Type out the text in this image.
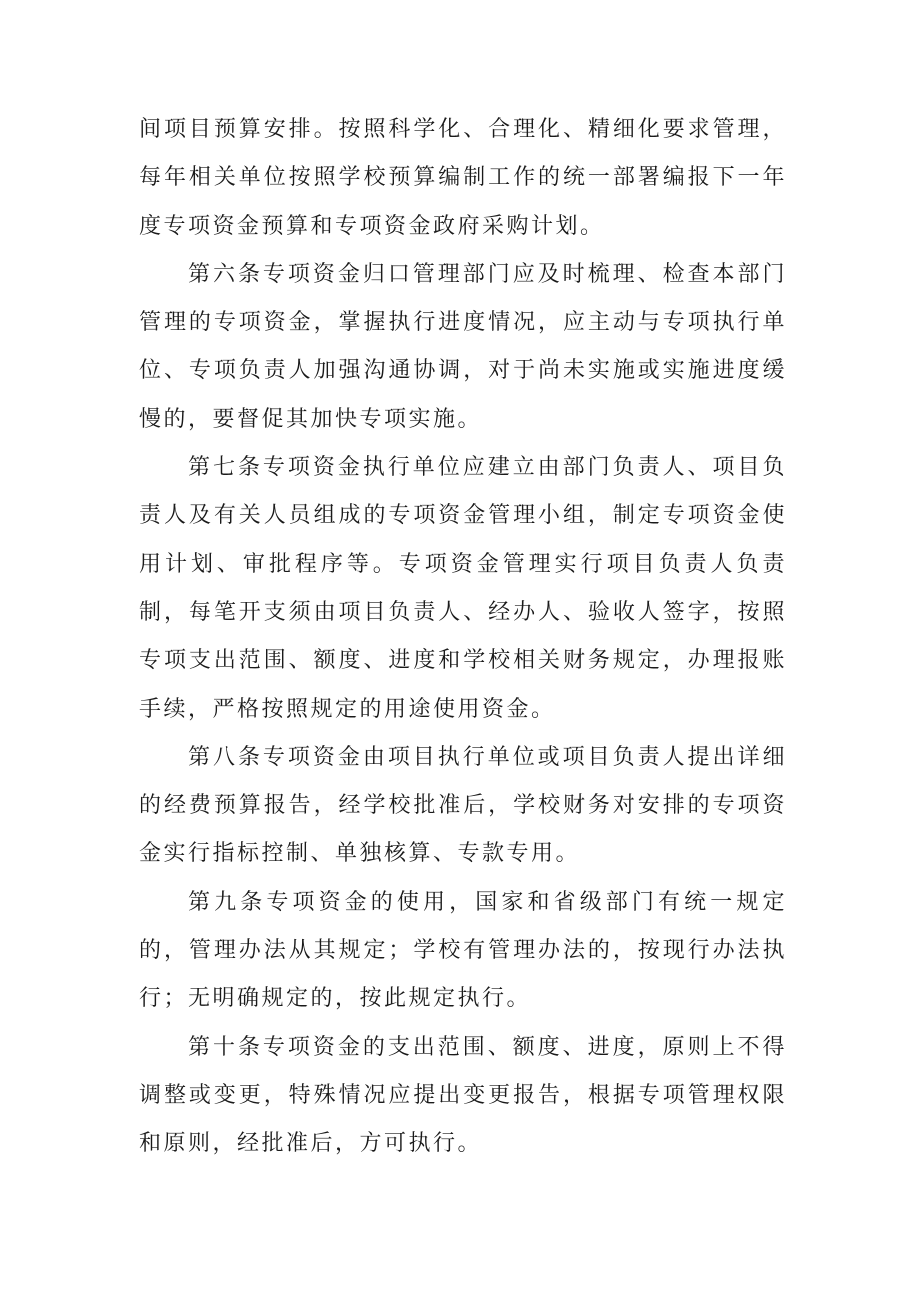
间项目预算安排。按照科学化、合理化、精细化要求管理，每年相关单位按照学校预算编制工作的统一部署编报下一年度专项资金预算和专项资金政府采购计划。

第六条专项资金归口管理部门应及时梳理、检查本部门管理的专项资金，掌握执行进度情况，应主动与专项执行单位、专项负责人加强沟通协调，对于尚未实施或实施进度缓慢的，要督促其加快专项实施。

第七条专项资金执行单位应建立由部门负责人、项目负责人及有关人员组成的专项资金管理小组，制定专项资金使用计划、审批程序等。专项资金管理实行项目负责人负责制，每笔开支须由项目负责人、经办人、验收人签字，按照专项支出范围、额度、进度和学校相关财务规定，办理报账手续，严格按照规定的用途使用资金。

第八条专项资金由项目执行单位或项目负责人提出详细的经费预算报告，经学校批准后，学校财务对安排的专项资金实行指标控制、单独核算、专款专用。

第九条专项资金的使用，国家和省级部门有统一规定的，管理办法从其规定；学校有管理办法的，按现行办法执行；无明确规定的，按此规定执行。

第十条专项资金的支出范围、额度、进度，原则上不得调整或变更，特殊情况应提出变更报告，根据专项管理权限和原则，经批准后，方可执行。
